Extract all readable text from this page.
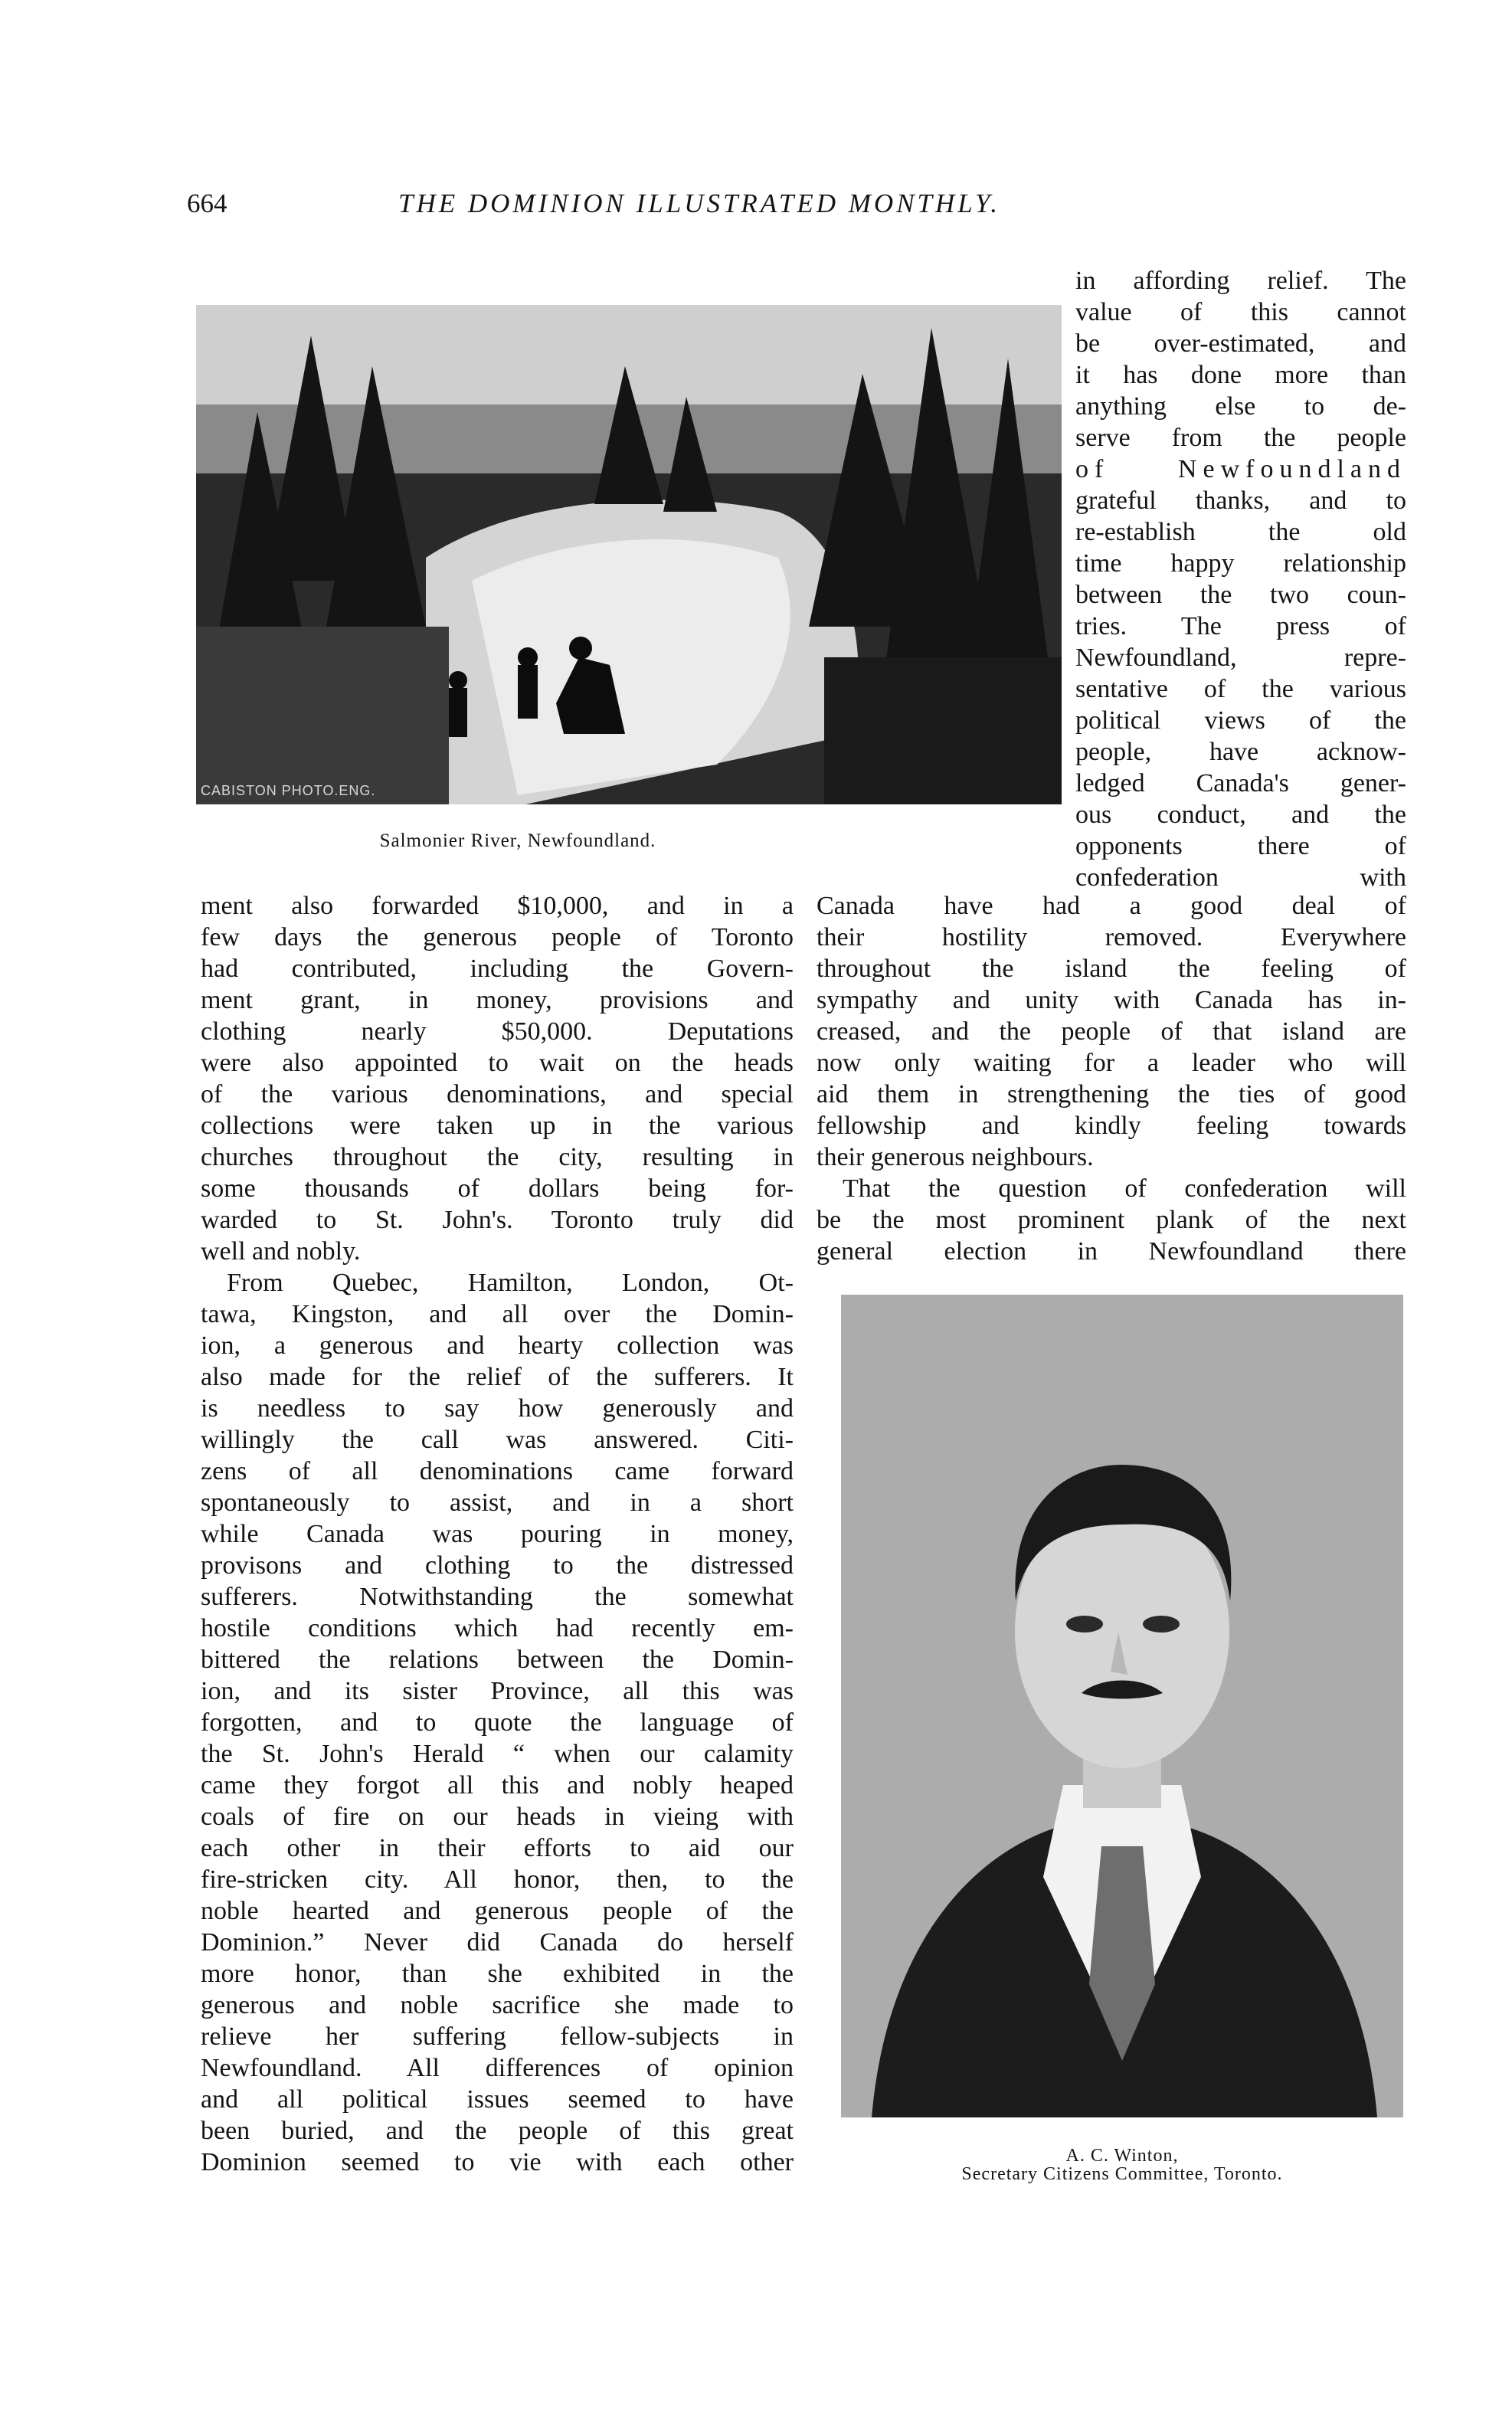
664	THE DOMINION ILLUSTRATED MONTHLY.
CABISTON PHOTO.ENG.
Salmonier River, Newfoundland.
in affording relief. The
value of this cannot
be over-estimated, and
it has done more than
anything else to de-
serve from the people
of Newfoundland
grateful thanks, and to
re-establish the old
time happy relationship
between the two coun-
tries. The press of
Newfoundland, repre-
sentative of the various
political views of the
people, have acknow-
ledged Canada's gener-
ous conduct, and the
opponents there of
confederation with
ment also forwarded $10,000, and in a
few days the generous people of Toronto
had contributed, including the Govern-
ment grant, in money, provisions and
clothing nearly $50,000. Deputations
were also appointed to wait on the heads
of the various denominations, and special
collections were taken up in the various
churches throughout the city, resulting in
some thousands of dollars being for-
warded to St. John's. Toronto truly did
well and nobly.
From Quebec, Hamilton, London, Ot-
tawa, Kingston, and all over the Domin-
ion, a generous and hearty collection was
also made for the relief of the sufferers. It
is needless to say how generously and
willingly the call was answered. Citi-
zens of all denominations came forward
spontaneously to assist, and in a short
while Canada was pouring in money,
provisons and clothing to the distressed
sufferers. Notwithstanding the somewhat
hostile conditions which had recently em-
bittered the relations between the Domin-
ion, and its sister Province, all this was
forgotten, and to quote the language of
the St. John's Herald “ when our calamity
came they forgot all this and nobly heaped
coals of fire on our heads in vieing with
each other in their efforts to aid our
fire-stricken city. All honor, then, to the
noble hearted and generous people of the
Dominion.” Never did Canada do herself
more honor, than she exhibited in the
generous and noble sacrifice she made to
relieve her suffering fellow-subjects in
Newfoundland. All differences of opinion
and all political issues seemed to have
been buried, and the people of this great
Dominion seemed to vie with each other
Canada have had a good deal of
their hostility removed. Everywhere
throughout the island the feeling of
sympathy and unity with Canada has in-
creased, and the people of that island are
now only waiting for a leader who will
aid them in strengthening the ties of good
fellowship and kindly feeling towards
their generous neighbours.
That the question of confederation will
be the most prominent plank of the next
general election in Newfoundland there
A. C. Winton,
Secretary Citizens Committee, Toronto.
